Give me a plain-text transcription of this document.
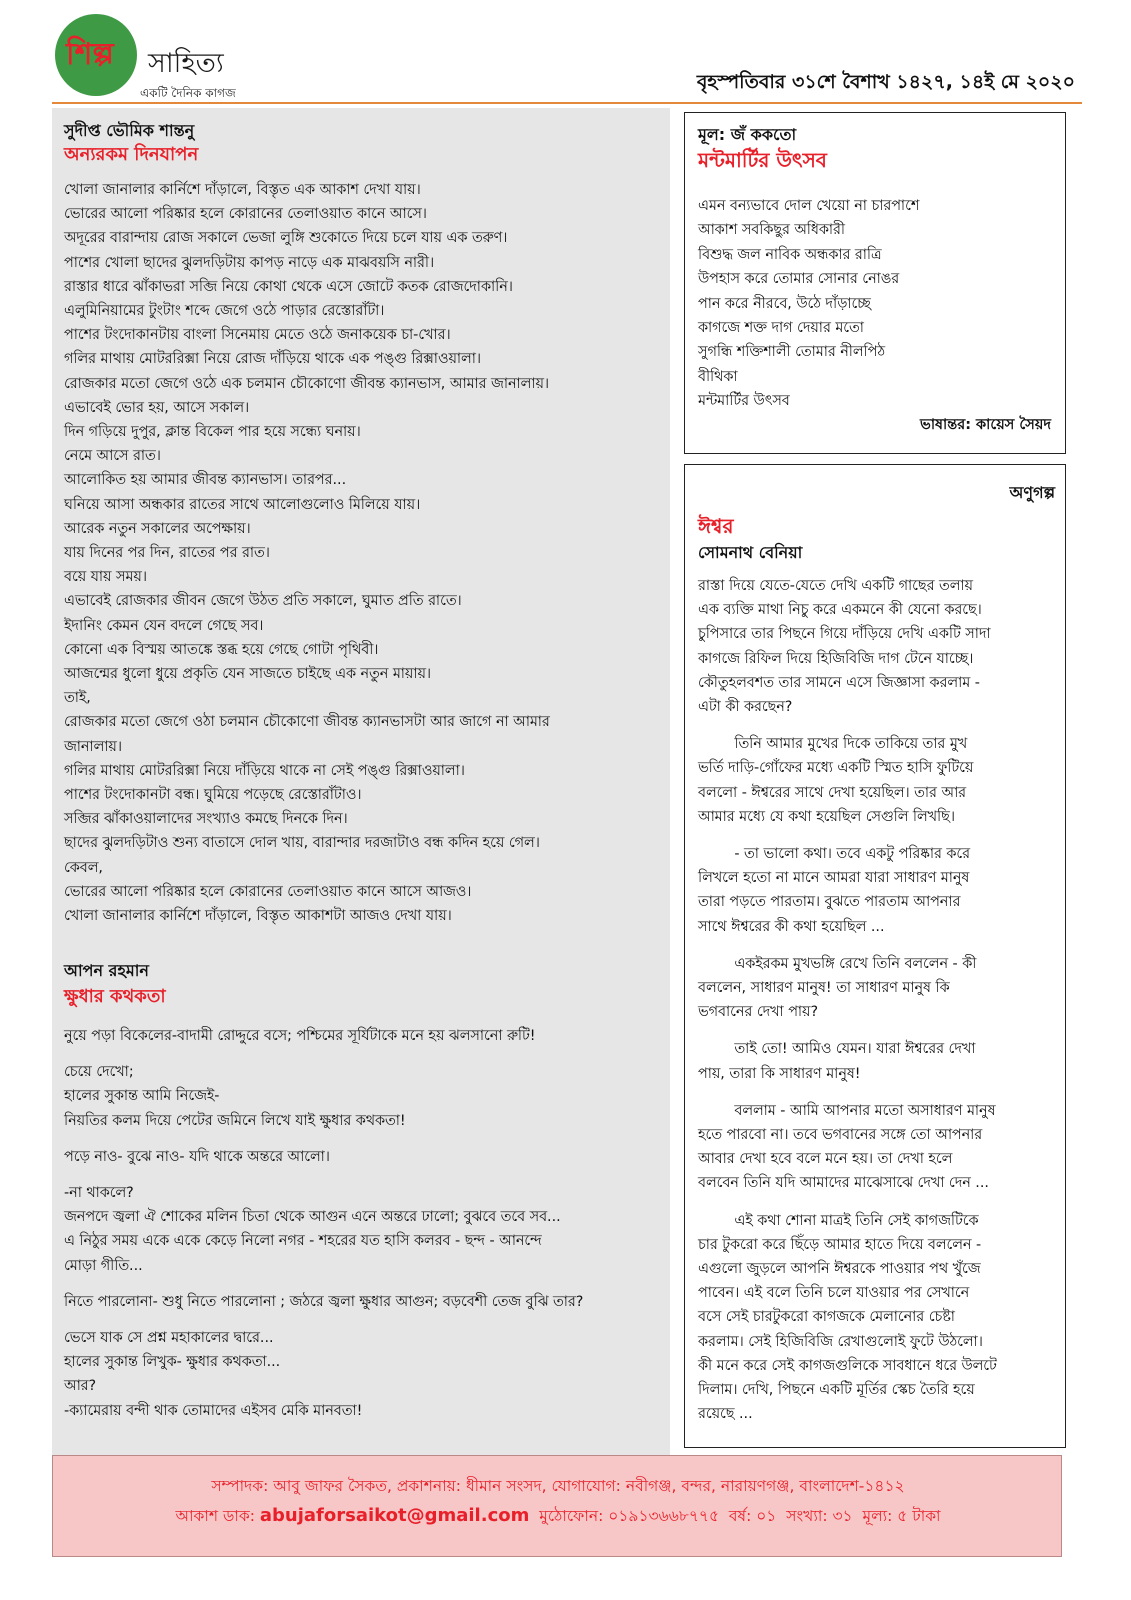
শিল্প সাহিত্য
একটি দৈনিক কাগজ	বৃহস্পতিবার ৩১শে বৈশাখ ১৪২৭, ১৪ই মে ২০২০
সুদীপ্ত ভৌমিক শান্তনু
অন্যরকম দিনযাপন
খোলা জানালার কার্নিশে দাঁড়ালে, বিস্তৃত এক আকাশ দেখা যায়।
ভোরের আলো পরিষ্কার হলে কোরানের তেলাওয়াত কানে আসে।
অদূরের বারান্দায় রোজ সকালে ভেজা লুঙ্গি শুকোতে দিয়ে চলে যায় এক তরুণ।
পাশের খোলা ছাদের ঝুলদড়িটায় কাপড় নাড়ে এক মাঝবয়সি নারী।
রাস্তার ধারে ঝাঁকাভরা সব্জি নিয়ে কোথা থেকে এসে জোটে কতক রোজদোকানি।
এলুমিনিয়ামের টুংটাং শব্দে জেগে ওঠে পাড়ার রেস্তোরাঁটা।
পাশের টংদোকানটায় বাংলা সিনেমায় মেতে ওঠে জনাকয়েক চা-খোর।
গলির মাথায় মোটররিক্সা নিয়ে রোজ দাঁড়িয়ে থাকে এক পঙ্গু রিক্সাওয়ালা।
রোজকার মতো জেগে ওঠে এক চলমান চৌকোণো জীবন্ত ক্যানভাস, আমার জানালায়।
এভাবেই ভোর হয়, আসে সকাল।
দিন গড়িয়ে দুপুর, ক্লান্ত বিকেল পার হয়ে সন্ধ্যে ঘনায়।
নেমে আসে রাত।
আলোকিত হয় আমার জীবন্ত ক্যানভাস। তারপর...
ঘনিয়ে আসা অন্ধকার রাতের সাথে আলোগুলোও মিলিয়ে যায়।
আরেক নতুন সকালের অপেক্ষায়।
যায় দিনের পর দিন, রাতের পর রাত।
বয়ে যায় সময়।
এভাবেই রোজকার জীবন জেগে উঠত প্রতি সকালে, ঘুমাত প্রতি রাতে।
ইদানিং কেমন যেন বদলে গেছে সব।
কোনো এক বিস্ময় আতঙ্কে স্তব্ধ হয়ে গেছে গোটা পৃথিবী।
আজন্মের ধুলো ধুয়ে প্রকৃতি যেন সাজতে চাইছে এক নতুন মায়ায়।
তাই,
রোজকার মতো জেগে ওঠা চলমান চৌকোণো জীবন্ত ক্যানভাসটা আর জাগে না আমার
জানালায়।
গলির মাথায় মোটররিক্সা নিয়ে দাঁড়িয়ে থাকে না সেই পঙ্গু রিক্সাওয়ালা।
পাশের টংদোকানটা বন্ধ। ঘুমিয়ে পড়েছে রেস্তোরাঁটাও।
সব্জির ঝাঁকাওয়ালাদের সংখ্যাও কমছে দিনকে দিন।
ছাদের ঝুলদড়িটাও শুন্য বাতাসে দোল খায়, বারান্দার দরজাটাও বন্ধ কদিন হয়ে গেল।
কেবল,
ভোরের আলো পরিষ্কার হলে কোরানের তেলাওয়াত কানে আসে আজও।
খোলা জানালার কার্নিশে দাঁড়ালে, বিস্তৃত আকাশটা আজও দেখা যায়।
আপন রহমান
ক্ষুধার কথকতা
নুয়ে পড়া বিকেলের-বাদামী রোদ্দুরে বসে; পশ্চিমের সূর্যিটাকে মনে হয় ঝলসানো রুটি!
চেয়ে দেখো;
হালের সুকান্ত আমি নিজেই-
নিয়তির কলম দিয়ে পেটের জমিনে লিখে যাই ক্ষুধার কথকতা!
পড়ে নাও- বুঝে নাও- যদি থাকে অন্তরে আলো।
-না থাকলে?
জনপদে জ্বলা ঐ শোকের মলিন চিতা থেকে আগুন এনে অন্তরে ঢালো; বুঝবে তবে সব...
এ নিঠুর সময় একে একে কেড়ে নিলো নগর - শহরের যত হাসি কলরব - ছন্দ - আনন্দে
মোড়া গীতি...
নিতে পারলোনা- শুধু নিতে পারলোনা ; জঠরে জ্বলা ক্ষুধার আগুন; বড়বেশী তেজ বুঝি তার?
ভেসে যাক সে প্রশ্ন মহাকালের দ্বারে...
হালের সুকান্ত লিখুক- ক্ষুধার কথকতা...
আর?
-ক্যামেরায় বন্দী থাক তোমাদের এইসব মেকি মানবতা!
মূল: জঁ ককতো
মন্টমার্টির উৎসব
এমন বন্যভাবে দোল খেয়ো না চারপাশে
আকাশ সবকিছুর অধিকারী
বিশুদ্ধ জল নাবিক অন্ধকার রাত্রি
উপহাস করে তোমার সোনার নোঙর
পান করে নীরবে, উঠে দাঁড়াচ্ছে
কাগজে শক্ত দাগ দেয়ার মতো
সুগন্ধি শক্তিশালী তোমার নীলপিঠ
বীথিকা
মন্টমার্টির উৎসব
ভাষান্তর: কায়েস সৈয়দ
অণুগল্প
ঈশ্বর
সোমনাথ বেনিয়া
রাস্তা দিয়ে যেতে-যেতে দেখি একটি গাছের তলায়
এক ব্যক্তি মাথা নিচু করে একমনে কী যেনো করছে।
চুপিসারে তার পিছনে গিয়ে দাঁড়িয়ে দেখি একটি সাদা
কাগজে রিফিল দিয়ে হিজিবিজি দাগ টেনে যাচ্ছে।
কৌতুহলবশত তার সামনে এসে জিজ্ঞাসা করলাম -
এটা কী করছেন?
তিনি আমার মুখের দিকে তাকিয়ে তার মুখ
ভর্তি দাড়ি-গোঁফের মধ্যে একটি স্মিত হাসি ফুটিয়ে
বললো - ঈশ্বরের সাথে দেখা হয়েছিল। তার আর
আমার মধ্যে যে কথা হয়েছিল সেগুলি লিখছি।
- তা ভালো কথা। তবে একটু পরিষ্কার করে
লিখলে হতো না মানে আমরা যারা সাধারণ মানুষ
তারা পড়তে পারতাম। বুঝতে পারতাম আপনার
সাথে ঈশ্বরের কী কথা হয়েছিল ...
একইরকম মুখভঙ্গি রেখে তিনি বললেন - কী
বললেন, সাধারণ মানুষ! তা সাধারণ মানুষ কি
ভগবানের দেখা পায়?
তাই তো! আমিও যেমন। যারা ঈশ্বরের দেখা
পায়, তারা কি সাধারণ মানুষ!
বললাম - আমি আপনার মতো অসাধারণ মানুষ
হতে পারবো না। তবে ভগবানের সঙ্গে তো আপনার
আবার দেখা হবে বলে মনে হয়। তা দেখা হলে
বলবেন তিনি যদি আমাদের মাঝেসাঝে দেখা দেন ...
এই কথা শোনা মাত্রই তিনি সেই কাগজটিকে
চার টুকরো করে ছিঁড়ে আমার হাতে দিয়ে বললেন -
এগুলো জুড়লে আপনি ঈশ্বরকে পাওয়ার পথ খুঁজে
পাবেন। এই বলে তিনি চলে যাওয়ার পর সেখানে
বসে সেই চারটুকরো কাগজকে মেলানোর চেষ্টা
করলাম। সেই হিজিবিজি রেখাগুলোই ফুটে উঠলো।
কী মনে করে সেই কাগজগুলিকে সাবধানে ধরে উলটে
দিলাম। দেখি, পিছনে একটি মূর্তির স্কেচ তৈরি হয়ে
রয়েছে ...
সম্পাদক: আবু জাফর সৈকত, প্রকাশনায়: ধীমান সংসদ, যোগাযোগ: নবীগঞ্জ, বন্দর, নারায়ণগঞ্জ, বাংলাদেশ-১৪১২
আকাশ ডাক: abujaforsaikot@gmail.com মুঠোফোন: ০১৯১৩৬৬৮৭৭৫ বর্ষ: ০১ সংখ্যা: ৩১ মূল্য: ৫ টাকা
